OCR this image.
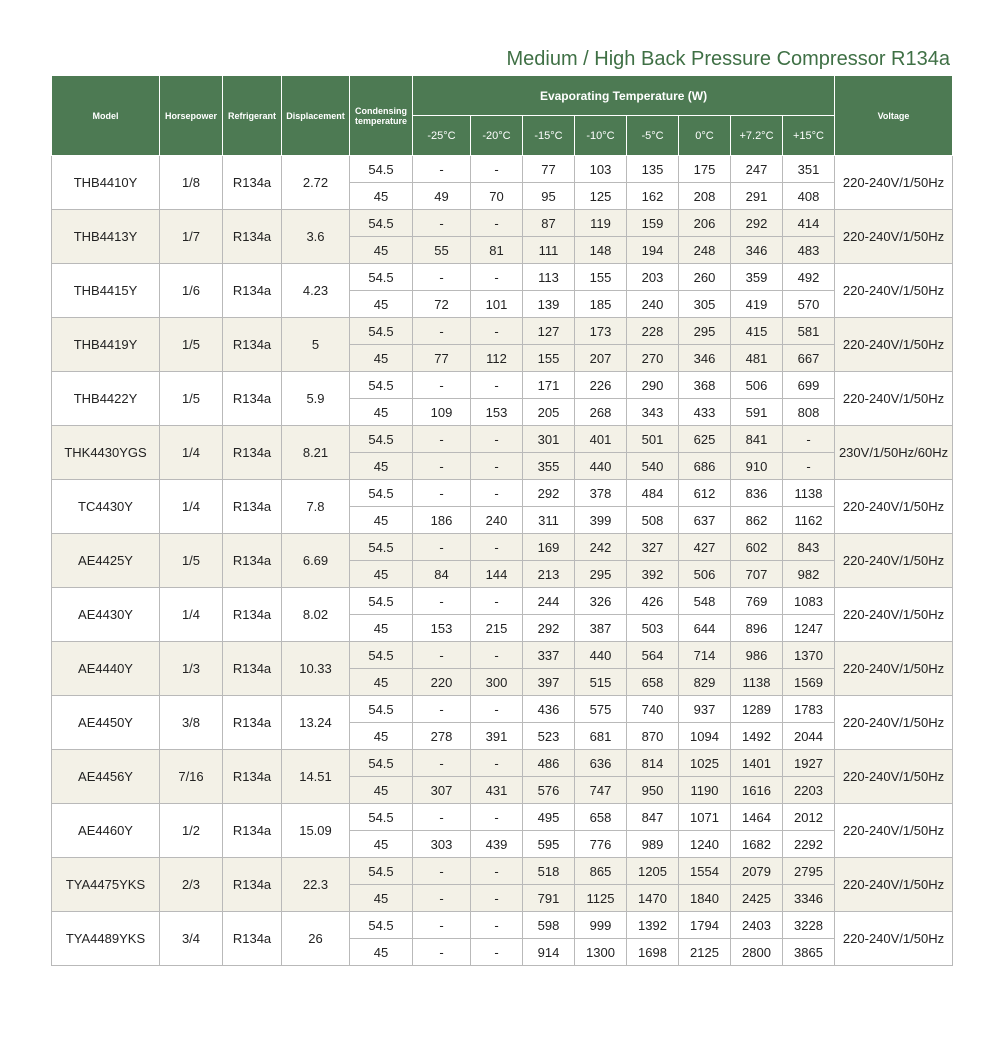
Medium / High Back Pressure Compressor R134a
Model	Horsepower	Refrigerant	Displacement	Condensing temperature	Evaporating Temperature (W)								Voltage
					-25°C	-20°C	-15°C	-10°C	-5°C	0°C	+7.2°C	+15°C	
THB4410Y	1/8	R134a	2.72	54.5	-	-	77	103	135	175	247	351	220-240V/1/50Hz
				45	49	70	95	125	162	208	291	408	
THB4413Y	1/7	R134a	3.6	54.5	-	-	87	119	159	206	292	414	220-240V/1/50Hz
				45	55	81	111	148	194	248	346	483	
THB4415Y	1/6	R134a	4.23	54.5	-	-	113	155	203	260	359	492	220-240V/1/50Hz
				45	72	101	139	185	240	305	419	570	
THB4419Y	1/5	R134a	5	54.5	-	-	127	173	228	295	415	581	220-240V/1/50Hz
				45	77	112	155	207	270	346	481	667	
THB4422Y	1/5	R134a	5.9	54.5	-	-	171	226	290	368	506	699	220-240V/1/50Hz
				45	109	153	205	268	343	433	591	808	
THK4430YGS	1/4	R134a	8.21	54.5	-	-	301	401	501	625	841	-	230V/1/50Hz/60Hz
				45	-	-	355	440	540	686	910	-	
TC4430Y	1/4	R134a	7.8	54.5	-	-	292	378	484	612	836	1138	220-240V/1/50Hz
				45	186	240	311	399	508	637	862	1162	
AE4425Y	1/5	R134a	6.69	54.5	-	-	169	242	327	427	602	843	220-240V/1/50Hz
				45	84	144	213	295	392	506	707	982	
AE4430Y	1/4	R134a	8.02	54.5	-	-	244	326	426	548	769	1083	220-240V/1/50Hz
				45	153	215	292	387	503	644	896	1247	
AE4440Y	1/3	R134a	10.33	54.5	-	-	337	440	564	714	986	1370	220-240V/1/50Hz
				45	220	300	397	515	658	829	1138	1569	
AE4450Y	3/8	R134a	13.24	54.5	-	-	436	575	740	937	1289	1783	220-240V/1/50Hz
				45	278	391	523	681	870	1094	1492	2044	
AE4456Y	7/16	R134a	14.51	54.5	-	-	486	636	814	1025	1401	1927	220-240V/1/50Hz
				45	307	431	576	747	950	1190	1616	2203	
AE4460Y	1/2	R134a	15.09	54.5	-	-	495	658	847	1071	1464	2012	220-240V/1/50Hz
				45	303	439	595	776	989	1240	1682	2292	
TYA4475YKS	2/3	R134a	22.3	54.5	-	-	518	865	1205	1554	2079	2795	220-240V/1/50Hz
				45	-	-	791	1125	1470	1840	2425	3346	
TYA4489YKS	3/4	R134a	26	54.5	-	-	598	999	1392	1794	2403	3228	220-240V/1/50Hz
				45	-	-	914	1300	1698	2125	2800	3865	
